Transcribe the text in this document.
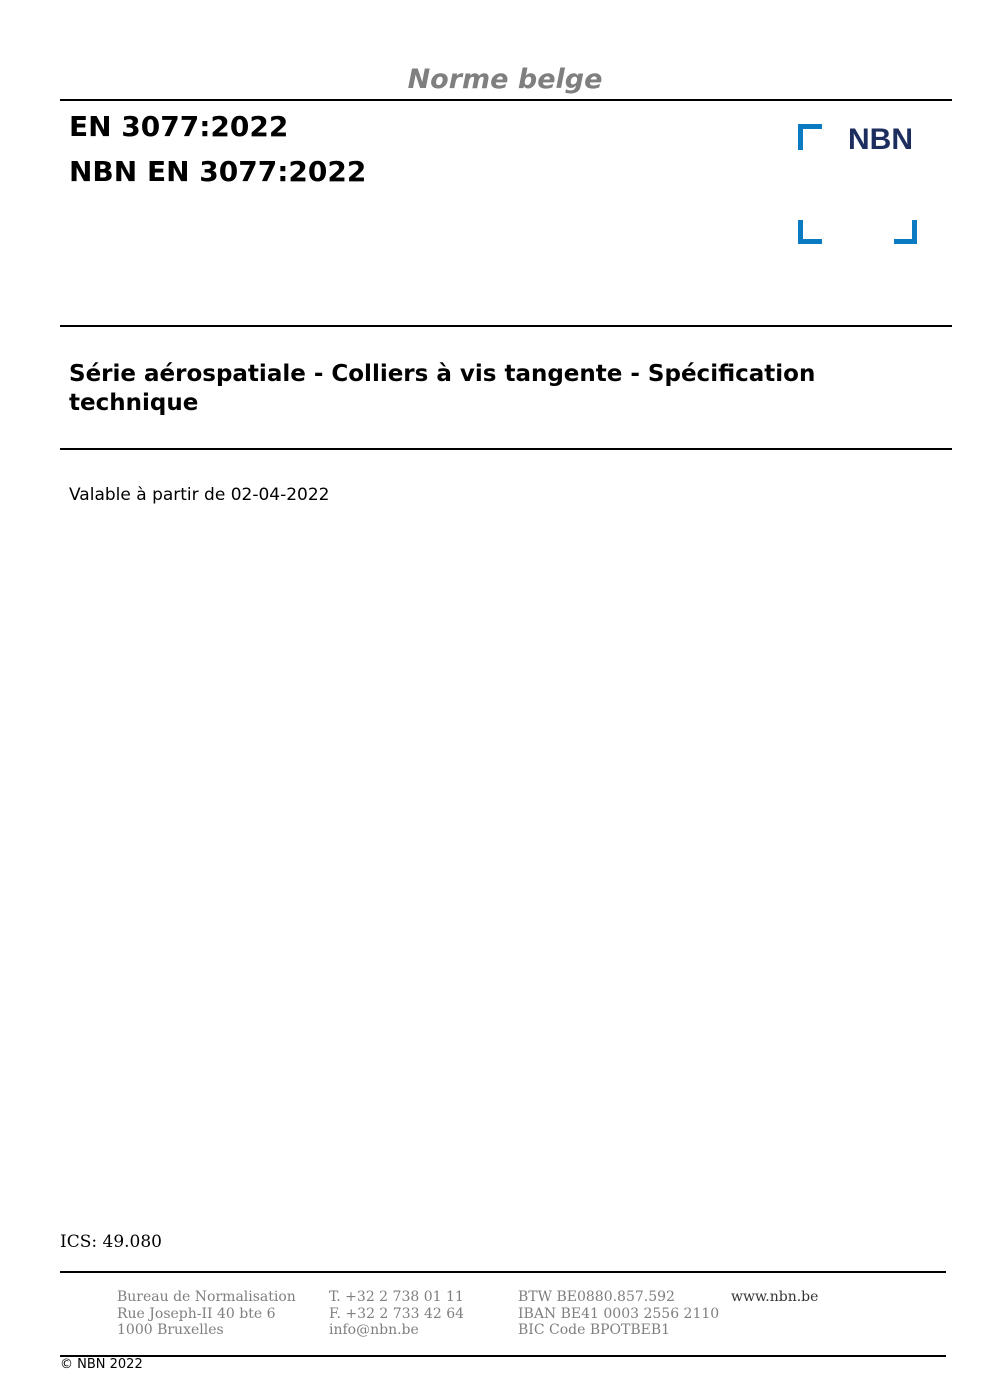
Norme belge
EN 3077:2022
NBN EN 3077:2022
NBN
Série aérospatiale - Colliers à vis tangente - Spécification
technique
Valable à partir de 02-04-2022
ICS: 49.080
Bureau de Normalisation
Rue Joseph-II 40 bte 6
1000 Bruxelles
T. +32 2 738 01 11
F. +32 2 733 42 64
info@nbn.be
BTW BE0880.857.592
IBAN BE41 0003 2556 2110
BIC Code BPOTBEB1
www.nbn.be
© NBN 2022
